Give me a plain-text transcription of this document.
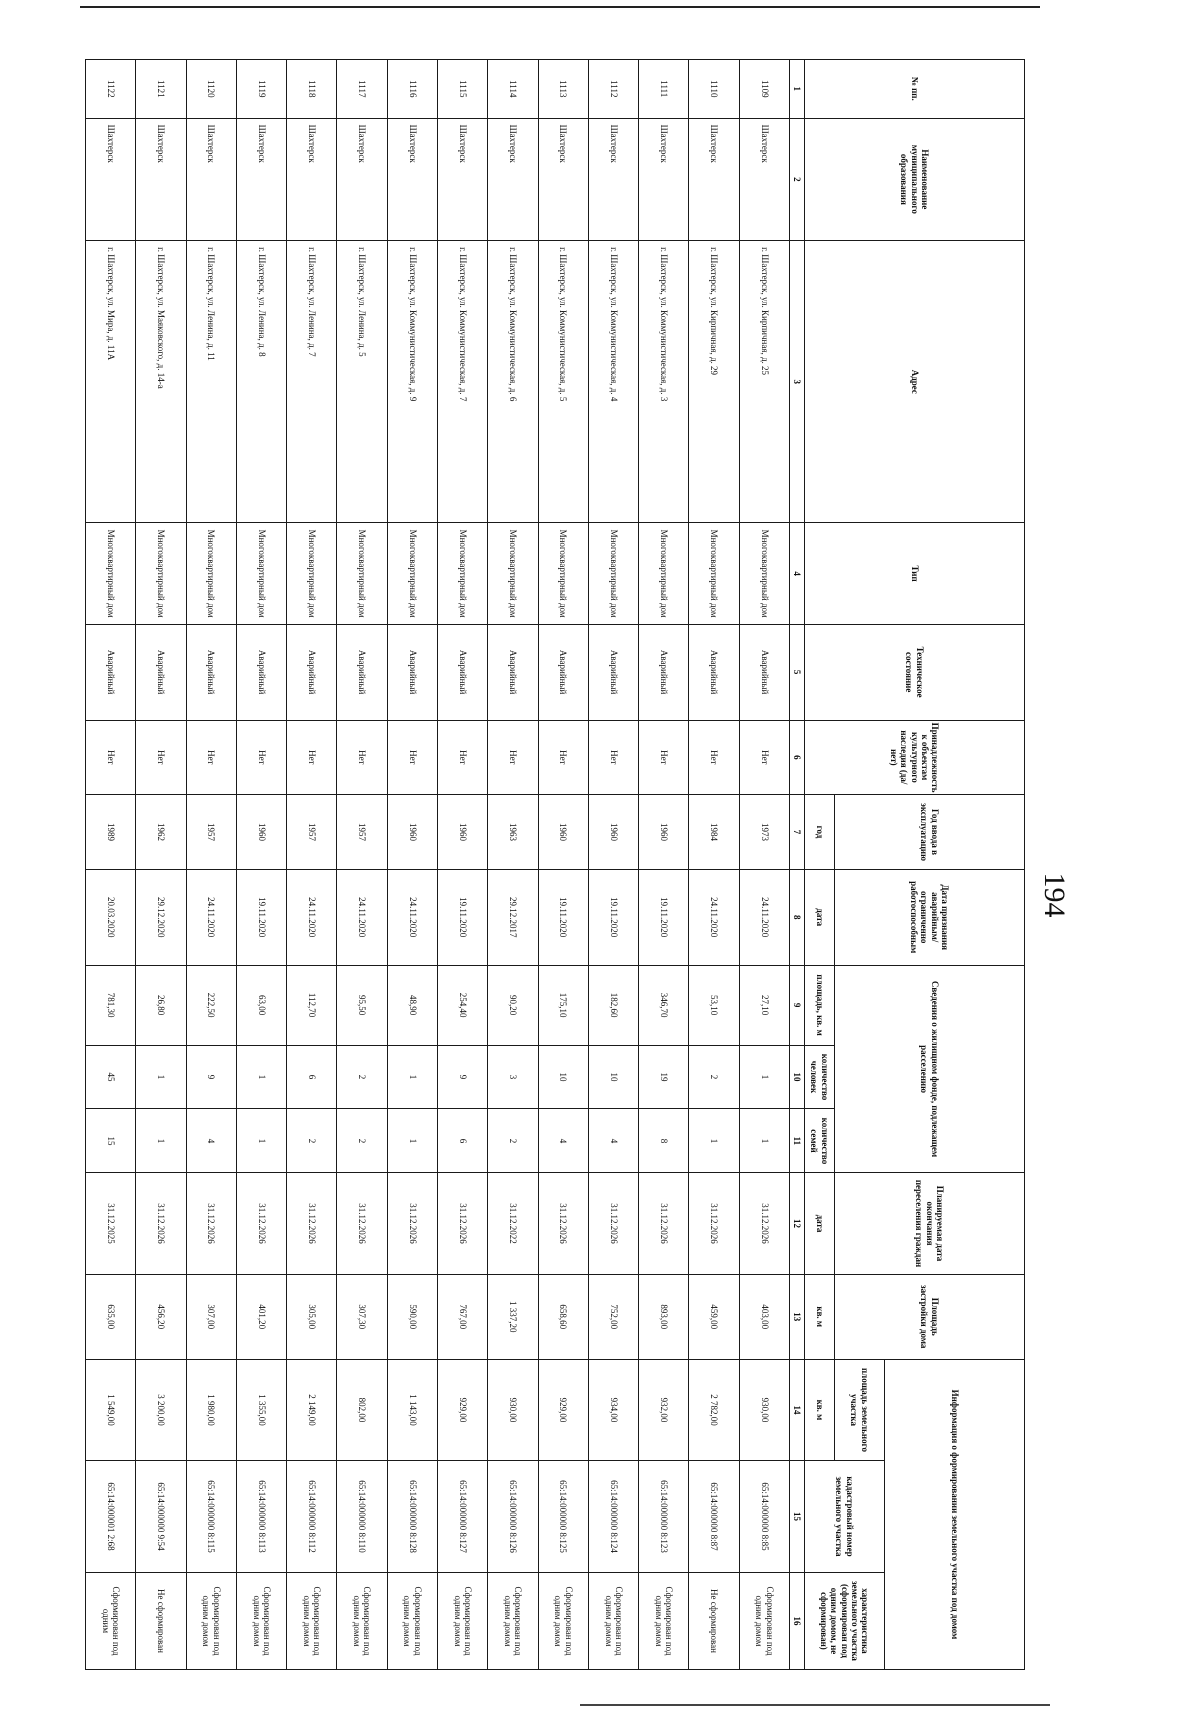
194
№ пп.	Наименование муниципального образования	Адрес	Тип	Техническое состояние	Принадлежность к объектам культурного наследия (да/нет)	Год ввода в эксплуатацию	Дата признания аварийным/ограниченно работоспособным	Сведения о жилищном фонде, подлежащем расселению			Планируемая дата окончания переселения граждан	Площадь застройки дома	Информация о формировании земельного участка под домом		
													площадь земельного участка	кадастровый номер земельного участка	характеристика земельного участка (сформирован под одним домом, не сформирован)
						год	дата	площадь, кв. м	количество человек	количество семей	дата	кв. м	кв. м		
1	2	3	4	5	6	7	8	9	10	11	12	13	14	15	16
1109	Шахтерск	г. Шахтерск, ул. Кирпичная, д. 25	Многоквартирный дом	Аварийный	Нет	1973	24.11.2020	27,10	1	1	31.12.2026	403,00	930,00	65:14:000000 8:85	Сформирован под одним домом
1110	Шахтерск	г. Шахтерск, ул. Кирпичная, д. 29	Многоквартирный дом	Аварийный	Нет	1984	24.11.2020	53,10	2	1	31.12.2026	459,00	2 782,00	65:14:000000 8:87	Не сформирован
1111	Шахтерск	г. Шахтерск, ул. Коммунистическая, д. 3	Многоквартирный дом	Аварийный	Нет	1960	19.11.2020	346,70	19	8	31.12.2026	893,00	932,00	65:14:000000 8:123	Сформирован под одним домом
1112	Шахтерск	г. Шахтерск, ул. Коммунистическая, д. 4	Многоквартирный дом	Аварийный	Нет	1960	19.11.2020	182,60	10	4	31.12.2026	752,00	934,00	65:14:000000 8:124	Сформирован под одним домом
1113	Шахтерск	г. Шахтерск, ул. Коммунистическая, д. 5	Многоквартирный дом	Аварийный	Нет	1960	19.11.2020	175,10	10	4	31.12.2026	658,60	929,00	65:14:000000 8:125	Сформирован под одним домом
1114	Шахтерск	г. Шахтерск, ул. Коммунистическая, д. 6	Многоквартирный дом	Аварийный	Нет	1963	29.12.2017	90,20	3	2	31.12.2022	1 337,20	930,00	65:14:000000 8:126	Сформирован под одним домом
1115	Шахтерск	г. Шахтерск, ул. Коммунистическая, д. 7	Многоквартирный дом	Аварийный	Нет	1960	19.11.2020	254,40	9	6	31.12.2026	767,00	929,00	65:14:000000 8:127	Сформирован под одним домом
1116	Шахтерск	г. Шахтерск, ул. Коммунистическая, д. 9	Многоквартирный дом	Аварийный	Нет	1960	24.11.2020	48,90	1	1	31.12.2026	590,00	1 143,00	65:14:000000 8:128	Сформирован под одним домом
1117	Шахтерск	г. Шахтерск, ул. Ленина, д. 5	Многоквартирный дом	Аварийный	Нет	1957	24.11.2020	95,50	2	2	31.12.2026	307,30	802,00	65:14:000000 8:110	Сформирован под одним домом
1118	Шахтерск	г. Шахтерск, ул. Ленина, д. 7	Многоквартирный дом	Аварийный	Нет	1957	24.11.2020	112,70	6	2	31.12.2026	305,00	2 149,00	65:14:000000 8:112	Сформирован под одним домом
1119	Шахтерск	г. Шахтерск, ул. Ленина, д. 8	Многоквартирный дом	Аварийный	Нет	1960	19.11.2020	63,00	1	1	31.12.2026	401,20	1 355,00	65:14:000000 8:113	Сформирован под одним домом
1120	Шахтерск	г. Шахтерск, ул. Ленина, д. 11	Многоквартирный дом	Аварийный	Нет	1957	24.11.2020	222,50	9	4	31.12.2026	307,00	1 980,00	65:14:000000 8:115	Сформирован под одним домом
1121	Шахтерск	г. Шахтерск, ул. Маяковского, д. 14-а	Многоквартирный дом	Аварийный	Нет	1962	29.12.2020	26,80	1	1	31.12.2026	456,20	3 200,00	65:14:000000 9:54	Не сформирован
1122	Шахтерск	г. Шахтерск, ул. Мира, д. 11А	Многоквартирный дом	Аварийный	Нет	1989	20.03.2020	781,30	45	15	31.12.2025	635,00	1 549,00	65:14:000001 2:68	Сформирован под одним
